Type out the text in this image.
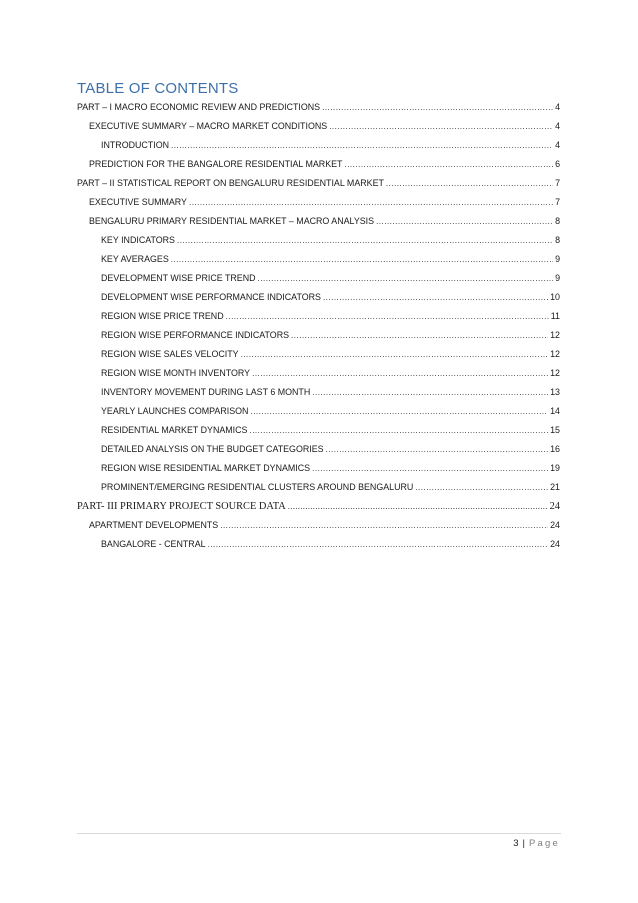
TABLE OF CONTENTS
PART – I MACRO ECONOMIC REVIEW AND PREDICTIONS .....	4
EXECUTIVE SUMMARY – MACRO MARKET CONDITIONS .....	4
INTRODUCTION .....	4
PREDICTION FOR THE BANGALORE RESIDENTIAL MARKET .....	6
PART – II STATISTICAL REPORT ON BENGALURU RESIDENTIAL MARKET .....	7
EXECUTIVE SUMMARY .....	7
BENGALURU PRIMARY RESIDENTIAL MARKET – MACRO ANALYSIS .....	8
KEY INDICATORS .....	8
KEY AVERAGES .....	9
DEVELOPMENT WISE PRICE TREND .....	9
DEVELOPMENT WISE PERFORMANCE INDICATORS .....	10
REGION WISE PRICE TREND .....	11
REGION WISE PERFORMANCE INDICATORS .....	12
REGION WISE SALES VELOCITY .....	12
REGION WISE MONTH INVENTORY .....	12
INVENTORY MOVEMENT DURING LAST 6 MONTH .....	13
YEARLY LAUNCHES COMPARISON .....	14
RESIDENTIAL MARKET DYNAMICS .....	15
DETAILED ANALYSIS ON THE BUDGET CATEGORIES .....	16
REGION WISE RESIDENTIAL MARKET DYNAMICS .....	19
PROMINENT/EMERGING RESIDENTIAL CLUSTERS AROUND BENGALURU .....	21
PART- III PRIMARY PROJECT SOURCE DATA .....	24
APARTMENT DEVELOPMENTS .....	24
BANGALORE - CENTRAL .....	24
3 | Page
